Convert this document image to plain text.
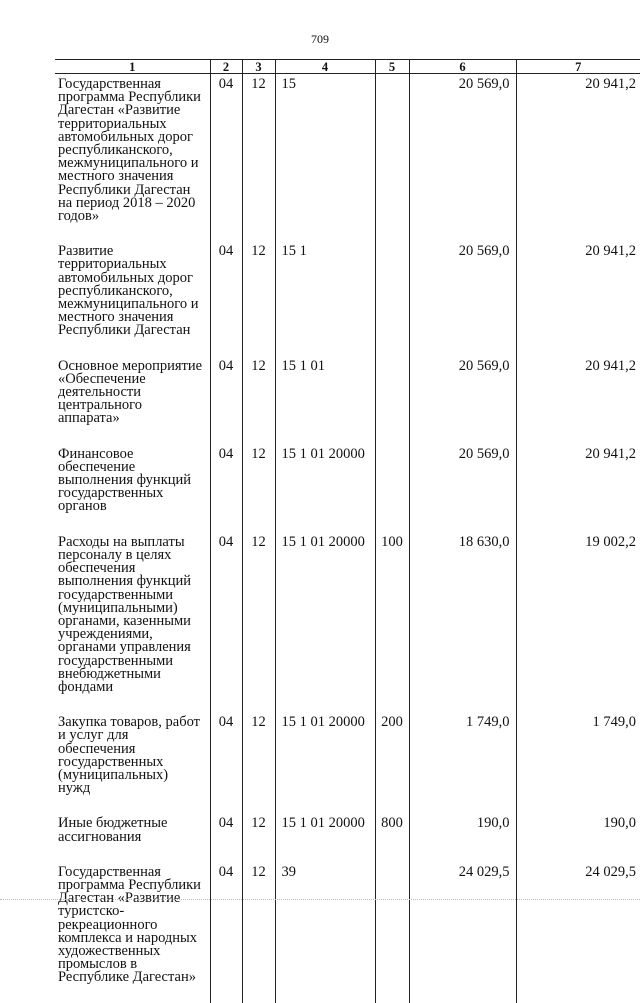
709
1	2	3	4	5	6	7
Государственная программа Республики Дагестан «Развитие территориальных автомобильных дорог республиканского, межмуниципального и местного значения Республики Дагестан на период 2018 – 2020 годов»	04	12	15		20 569,0	20 941,2
Развитие территориальных автомобильных дорог республиканского, межмуниципального и местного значения Республики Дагестан	04	12	15 1		20 569,0	20 941,2
Основное мероприятие «Обеспечение деятельности центрального аппарата»	04	12	15 1 01		20 569,0	20 941,2
Финансовое обеспечение выполнения функций государственных органов	04	12	15 1 01 20000		20 569,0	20 941,2
Расходы на выплаты персоналу в целях обеспечения выполнения функций государственными (муниципальными) органами, казенными учреждениями, органами управления государственными внебюджетными фондами	04	12	15 1 01 20000	100	18 630,0	19 002,2
Закупка товаров, работ и услуг для обеспечения государственных (муниципальных) нужд	04	12	15 1 01 20000	200	1 749,0	1 749,0
Иные бюджетные ассигнования	04	12	15 1 01 20000	800	190,0	190,0
Государственная программа Республики Дагестан «Развитие туристско-рекреационного комплекса и народных художественных промыслов в Республике Дагестан»	04	12	39		24 029,5	24 029,5
